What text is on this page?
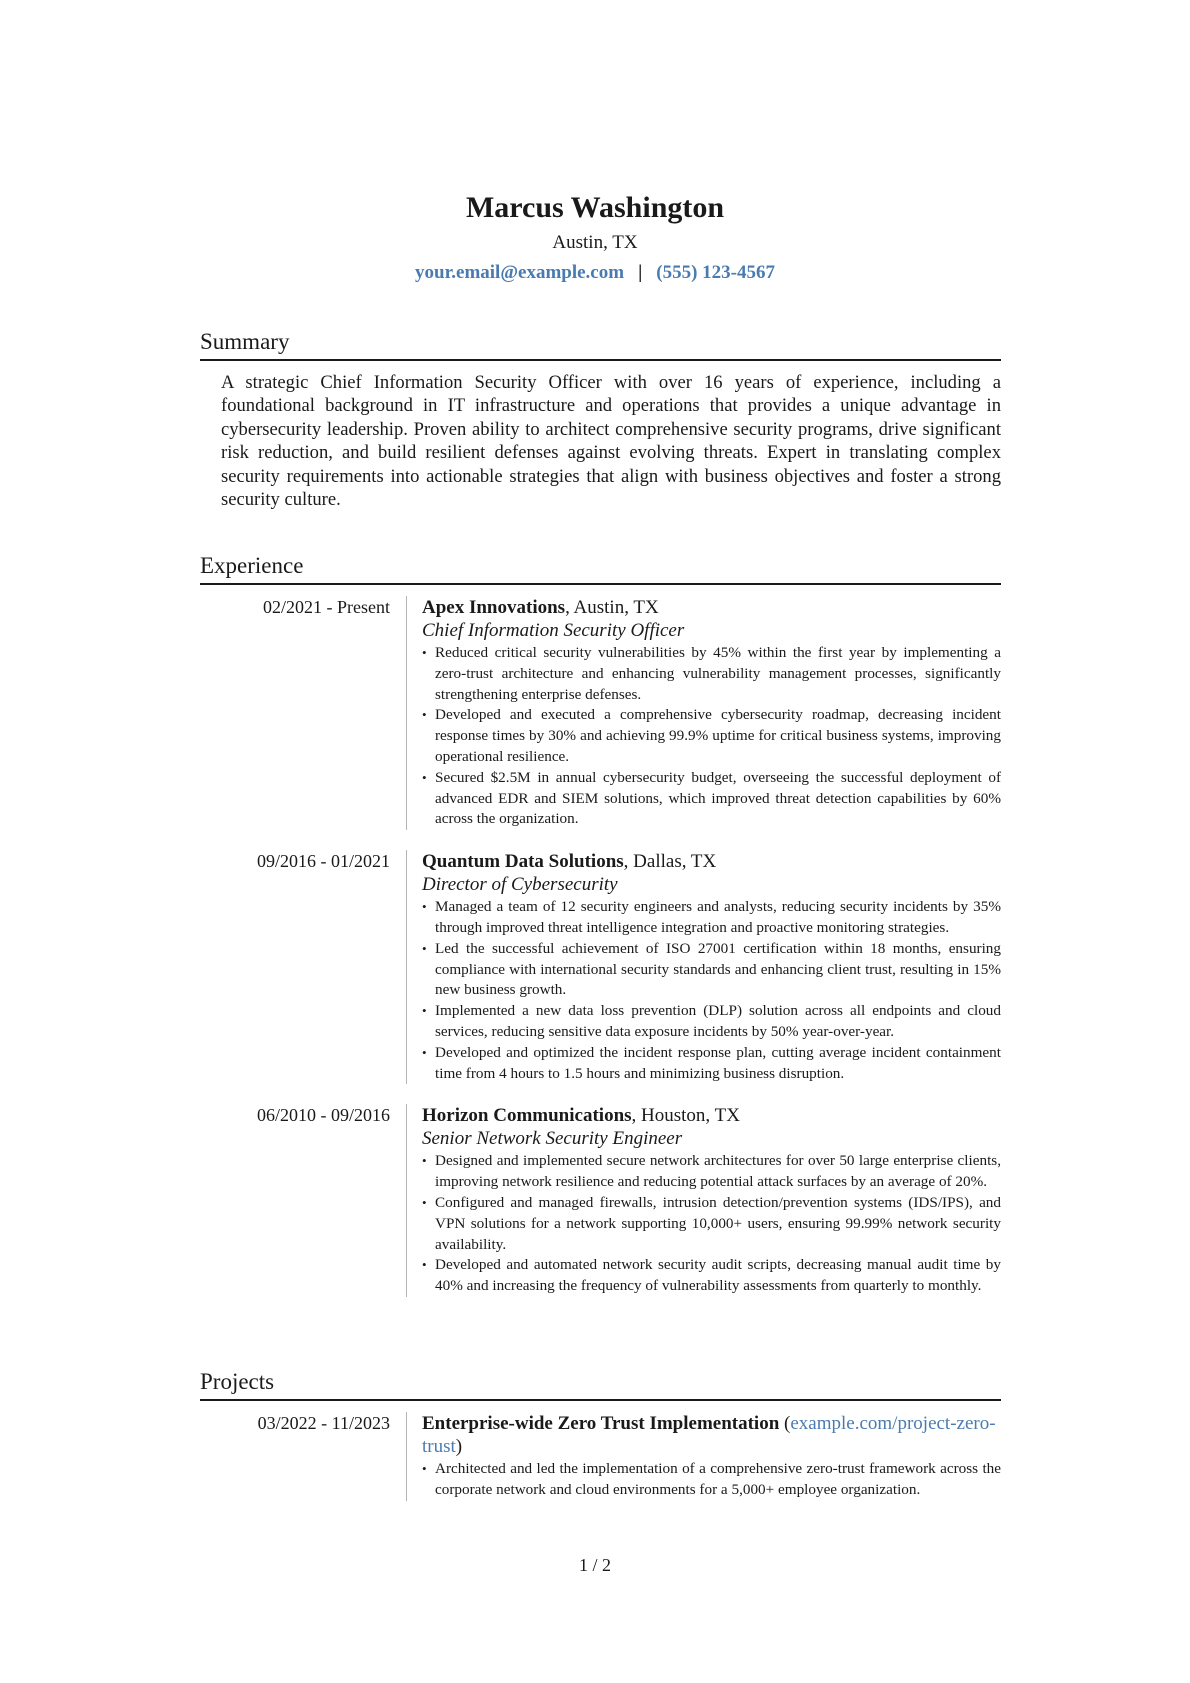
Marcus Washington
Austin, TX
your.email@example.com | (555) 123-4567
Summary

A strategic Chief Information Security Officer with over 16 years of experience, including a foundational background in IT infrastructure and operations that provides a unique advantage in cybersecurity leadership. Proven ability to architect comprehensive security programs, drive significant risk reduction, and build resilient defenses against evolving threats. Expert in translating complex security requirements into actionable strategies that align with business objectives and foster a strong security culture.

Experience
02/2021 - Present Apex Innovations, Austin, TX
Chief Information Security Officer
• Reduced critical security vulnerabilities by 45% within the first year by implementing a zero-trust architecture and enhancing vulnerability management processes, significantly strengthening enterprise defenses.
• Developed and executed a comprehensive cybersecurity roadmap, decreasing incident response times by 30% and achieving 99.9% uptime for critical business systems, improving operational resilience.
• Secured $2.5M in annual cybersecurity budget, overseeing the successful deployment of advanced EDR and SIEM solutions, which improved threat detection capabilities by 60% across the organization.
09/2016 - 01/2021 Quantum Data Solutions, Dallas, TX
Director of Cybersecurity
• Managed a team of 12 security engineers and analysts, reducing security incidents by 35% through improved threat intelligence integration and proactive monitoring strategies.
• Led the successful achievement of ISO 27001 certification within 18 months, ensuring compliance with international security standards and enhancing client trust, resulting in 15% new business growth.
• Implemented a new data loss prevention (DLP) solution across all endpoints and cloud services, reducing sensitive data exposure incidents by 50% year-over-year.
• Developed and optimized the incident response plan, cutting average incident containment time from 4 hours to 1.5 hours and minimizing business disruption.
06/2010 - 09/2016 Horizon Communications, Houston, TX
Senior Network Security Engineer
• Designed and implemented secure network architectures for over 50 large enterprise clients, improving network resilience and reducing potential attack surfaces by an average of 20%.
• Configured and managed firewalls, intrusion detection/prevention systems (IDS/IPS), and VPN solutions for a network supporting 10,000+ users, ensuring 99.99% network security availability.
• Developed and automated network security audit scripts, decreasing manual audit time by 40% and increasing the frequency of vulnerability assessments from quarterly to monthly.
Projects
03/2022 - 11/2023 Enterprise-wide Zero Trust Implementation (example.com/project-zero-trust)
• Architected and led the implementation of a comprehensive zero-trust framework across the corporate network and cloud environments for a 5,000+ employee organization.
1 / 2
